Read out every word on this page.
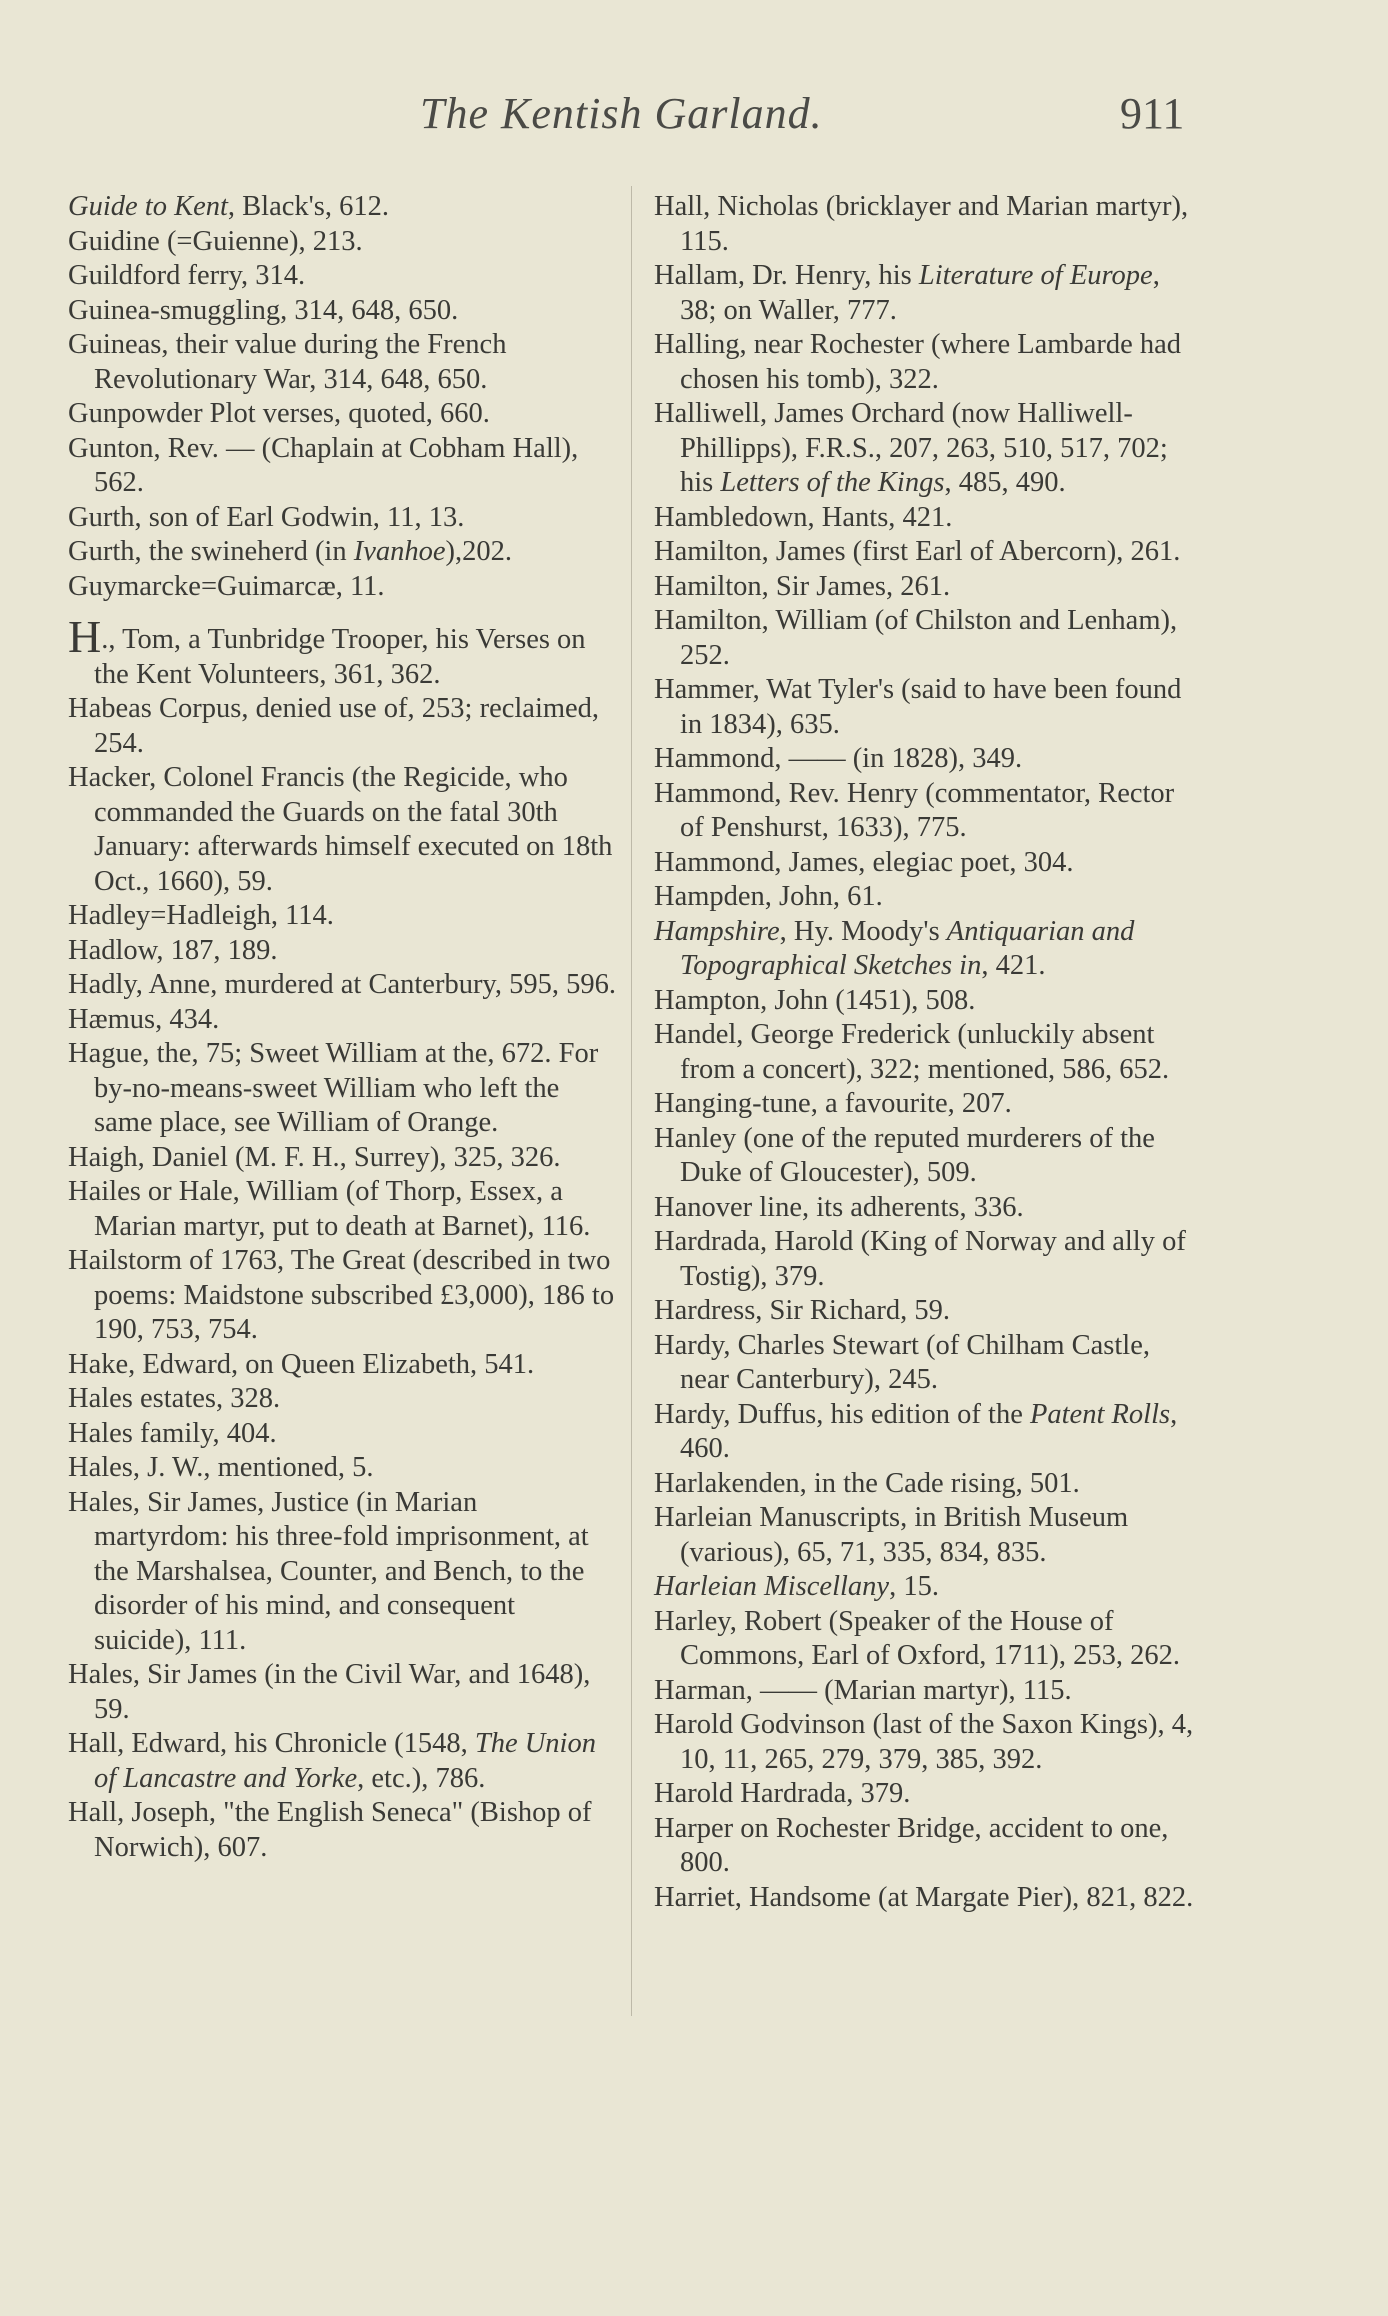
The Kentish Garland.	911
Guide to Kent, Black's, 612.
Guidine (=Guienne), 213.
Guildford ferry, 314.
Guinea-smuggling, 314, 648, 650.
Guineas, their value during the French Revolutionary War, 314, 648, 650.
Gunpowder Plot verses, quoted, 660.
Gunton, Rev. — (Chaplain at Cobham Hall), 562.
Gurth, son of Earl Godwin, 11, 13.
Gurth, the swineherd (in Ivanhoe),202.
Guymarcke=Guimarcæ, 11.
H., Tom, a Tunbridge Trooper, his Verses on the Kent Volunteers, 361, 362.
Habeas Corpus, denied use of, 253; reclaimed, 254.
Hacker, Colonel Francis (the Regicide, who commanded the Guards on the fatal 30th January: afterwards himself executed on 18th Oct., 1660), 59.
Hadley=Hadleigh, 114.
Hadlow, 187, 189.
Hadly, Anne, murdered at Canterbury, 595, 596.
Hæmus, 434.
Hague, the, 75; Sweet William at the, 672. For by-no-means-sweet William who left the same place, see William of Orange.
Haigh, Daniel (M. F. H., Surrey), 325, 326.
Hailes or Hale, William (of Thorp, Essex, a Marian martyr, put to death at Barnet), 116.
Hailstorm of 1763, The Great (described in two poems: Maidstone subscribed £3,000), 186 to 190, 753, 754.
Hake, Edward, on Queen Elizabeth, 541.
Hales estates, 328.
Hales family, 404.
Hales, J. W., mentioned, 5.
Hales, Sir James, Justice (in Marian martyrdom: his three-fold imprisonment, at the Marshalsea, Counter, and Bench, to the disorder of his mind, and consequent suicide), 111.
Hales, Sir James (in the Civil War, and 1648), 59.
Hall, Edward, his Chronicle (1548, The Union of Lancastre and Yorke, etc.), 786.
Hall, Joseph, "the English Seneca" (Bishop of Norwich), 607.
Hall, Nicholas (bricklayer and Marian martyr), 115.
Hallam, Dr. Henry, his Literature of Europe, 38; on Waller, 777.
Halling, near Rochester (where Lambarde had chosen his tomb), 322.
Halliwell, James Orchard (now Halliwell-Phillipps), F.R.S., 207, 263, 510, 517, 702; his Letters of the Kings, 485, 490.
Hambledown, Hants, 421.
Hamilton, James (first Earl of Abercorn), 261.
Hamilton, Sir James, 261.
Hamilton, William (of Chilston and Lenham), 252.
Hammer, Wat Tyler's (said to have been found in 1834), 635.
Hammond, —— (in 1828), 349.
Hammond, Rev. Henry (commentator, Rector of Penshurst, 1633), 775.
Hammond, James, elegiac poet, 304.
Hampden, John, 61.
Hampshire, Hy. Moody's Antiquarian and Topographical Sketches in, 421.
Hampton, John (1451), 508.
Handel, George Frederick (unluckily absent from a concert), 322; mentioned, 586, 652.
Hanging-tune, a favourite, 207.
Hanley (one of the reputed murderers of the Duke of Gloucester), 509.
Hanover line, its adherents, 336.
Hardrada, Harold (King of Norway and ally of Tostig), 379.
Hardress, Sir Richard, 59.
Hardy, Charles Stewart (of Chilham Castle, near Canterbury), 245.
Hardy, Duffus, his edition of the Patent Rolls, 460.
Harlakenden, in the Cade rising, 501.
Harleian Manuscripts, in British Museum (various), 65, 71, 335, 834, 835.
Harleian Miscellany, 15.
Harley, Robert (Speaker of the House of Commons, Earl of Oxford, 1711), 253, 262.
Harman, —— (Marian martyr), 115.
Harold Godvinson (last of the Saxon Kings), 4, 10, 11, 265, 279, 379, 385, 392.
Harold Hardrada, 379.
Harper on Rochester Bridge, accident to one, 800.
Harriet, Handsome (at Margate Pier), 821, 822.
